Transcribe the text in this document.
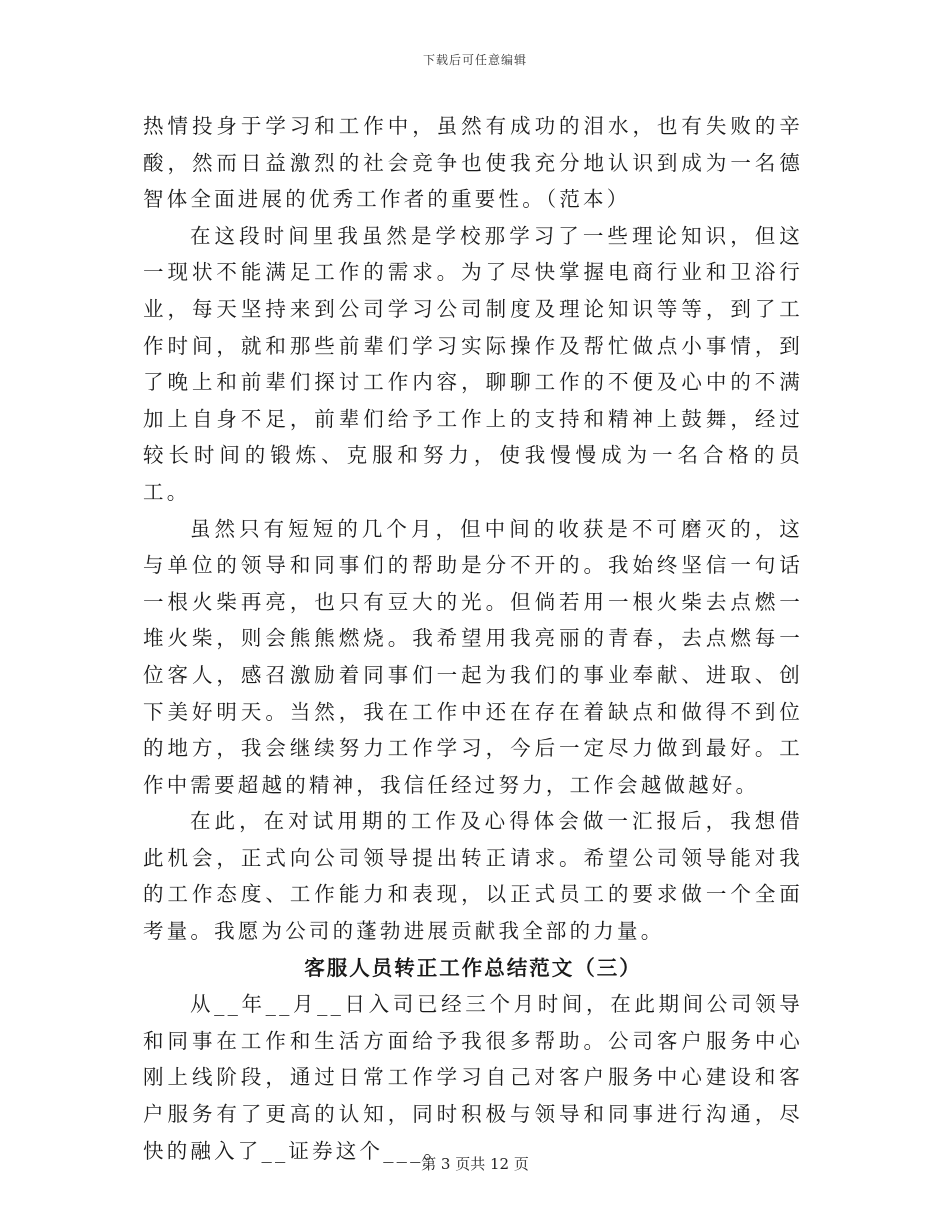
下载后可任意编辑

热情投身于学习和工作中，虽然有成功的泪水，也有失败的辛酸，然而日益激烈的社会竞争也使我充分地认识到成为一名德智体全面进展的优秀工作者的重要性。（范本）

在这段时间里我虽然是学校那学习了一些理论知识，但这一现状不能满足工作的需求。为了尽快掌握电商行业和卫浴行业，每天坚持来到公司学习公司制度及理论知识等等，到了工作时间，就和那些前辈们学习实际操作及帮忙做点小事情，到了晚上和前辈们探讨工作内容，聊聊工作的不便及心中的不满加上自身不足，前辈们给予工作上的支持和精神上鼓舞，经过较长时间的锻炼、克服和努力，使我慢慢成为一名合格的员工。

虽然只有短短的几个月，但中间的收获是不可磨灭的，这与单位的领导和同事们的帮助是分不开的。我始终坚信一句话一根火柴再亮，也只有豆大的光。但倘若用一根火柴去点燃一堆火柴，则会熊熊燃烧。我希望用我亮丽的青春，去点燃每一位客人，感召激励着同事们一起为我们的事业奉献、进取、创下美好明天。当然，我在工作中还在存在着缺点和做得不到位的地方，我会继续努力工作学习，今后一定尽力做到最好。工作中需要超越的精神，我信任经过努力，工作会越做越好。

在此，在对试用期的工作及心得体会做一汇报后，我想借此机会，正式向公司领导提出转正请求。希望公司领导能对我的工作态度、工作能力和表现，以正式员工的要求做一个全面考量。我愿为公司的蓬勃进展贡献我全部的力量。

客服人员转正工作总结范文（三）

从__年__月__日入司已经三个月时间，在此期间公司领导和同事在工作和生活方面给予我很多帮助。公司客户服务中心刚上线阶段，通过日常工作学习自己对客户服务中心建设和客户服务有了更高的认知，同时积极与领导和同事进行沟通，尽快的融入了__证券这个___。

第 3 页共 12 页
